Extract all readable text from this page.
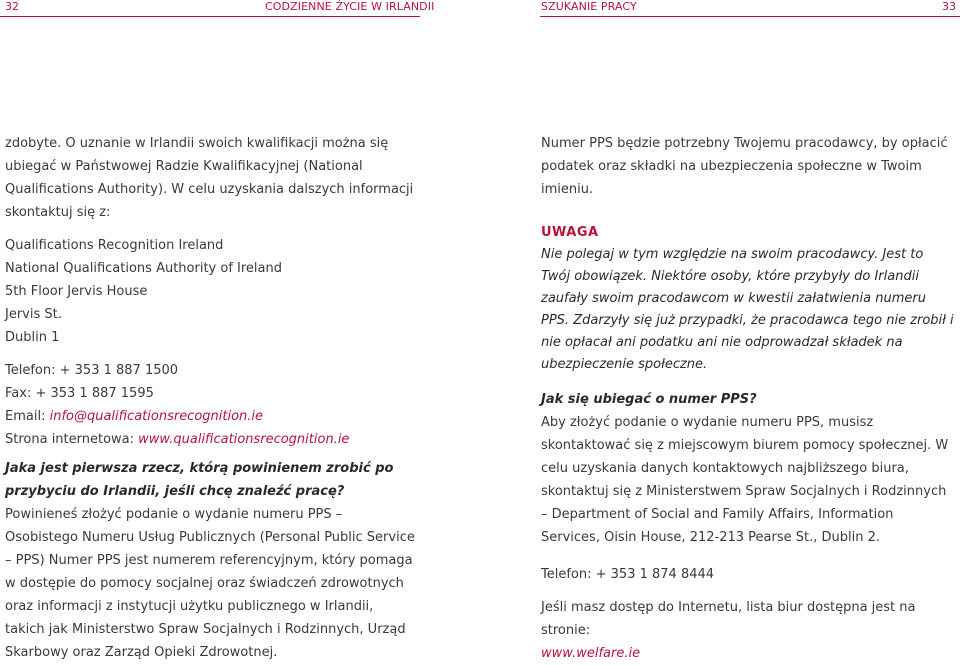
32	CODZIENNE ŻYCIE W IRLANDII	SZUKANIE PRACY	33

zdobyte. O uznanie w Irlandii swoich kwalifikacji można się ubiegać w Państwowej Radzie Kwalifikacyjnej (National Qualifications Authority). W celu uzyskania dalszych informacji skontaktuj się z:

Qualifications Recognition Ireland

National Qualifications Authority of Ireland

5th Floor Jervis House

Jervis St.

Dublin 1

Telefon: + 353 1 887 1500

Fax: + 353 1 887 1595

Email: info@qualificationsrecognition.ie

Strona internetowa: www.qualificationsrecognition.ie

Jaka jest pierwsza rzecz, którą powinienem zrobić po przybyciu do Irlandii, jeśli chcę znaleźć pracę?

Powinieneś złożyć podanie o wydanie numeru PPS – Osobistego Numeru Usług Publicznych (Personal Public Service – PPS) Numer PPS jest numerem referencyjnym, który pomaga w dostępie do pomocy socjalnej oraz świadczeń zdrowotnych oraz informacji z instytucji użytku publicznego w Irlandii, takich jak Ministerstwo Spraw Socjalnych i Rodzinnych, Urząd Skarbowy oraz Zarząd Opieki Zdrowotnej.

Numer PPS będzie potrzebny Twojemu pracodawcy, by opłacić podatek oraz składki na ubezpieczenia społeczne w Twoim imieniu.

UWAGA

Nie polegaj w tym względzie na swoim pracodawcy. Jest to Twój obowiązek. Niektóre osoby, które przybyły do Irlandii zaufały swoim pracodawcom w kwestii załatwienia numeru PPS. Zdarzyły się już przypadki, że pracodawca tego nie zrobił i nie opłacał ani podatku ani nie odprowadzał składek na ubezpieczenie społeczne.

Jak się ubiegać o numer PPS?

Aby złożyć podanie o wydanie numeru PPS, musisz skontaktować się z miejscowym biurem pomocy społecznej. W celu uzyskania danych kontaktowych najbliższego biura, skontaktuj się z Ministerstwem Spraw Socjalnych i Rodzinnych – Department of Social and Family Affairs, Information Services, Oisin House, 212-213 Pearse St., Dublin 2.

Telefon: + 353 1 874 8444

Jeśli masz dostęp do Internetu, lista biur dostępna jest na stronie:

www.welfare.ie
